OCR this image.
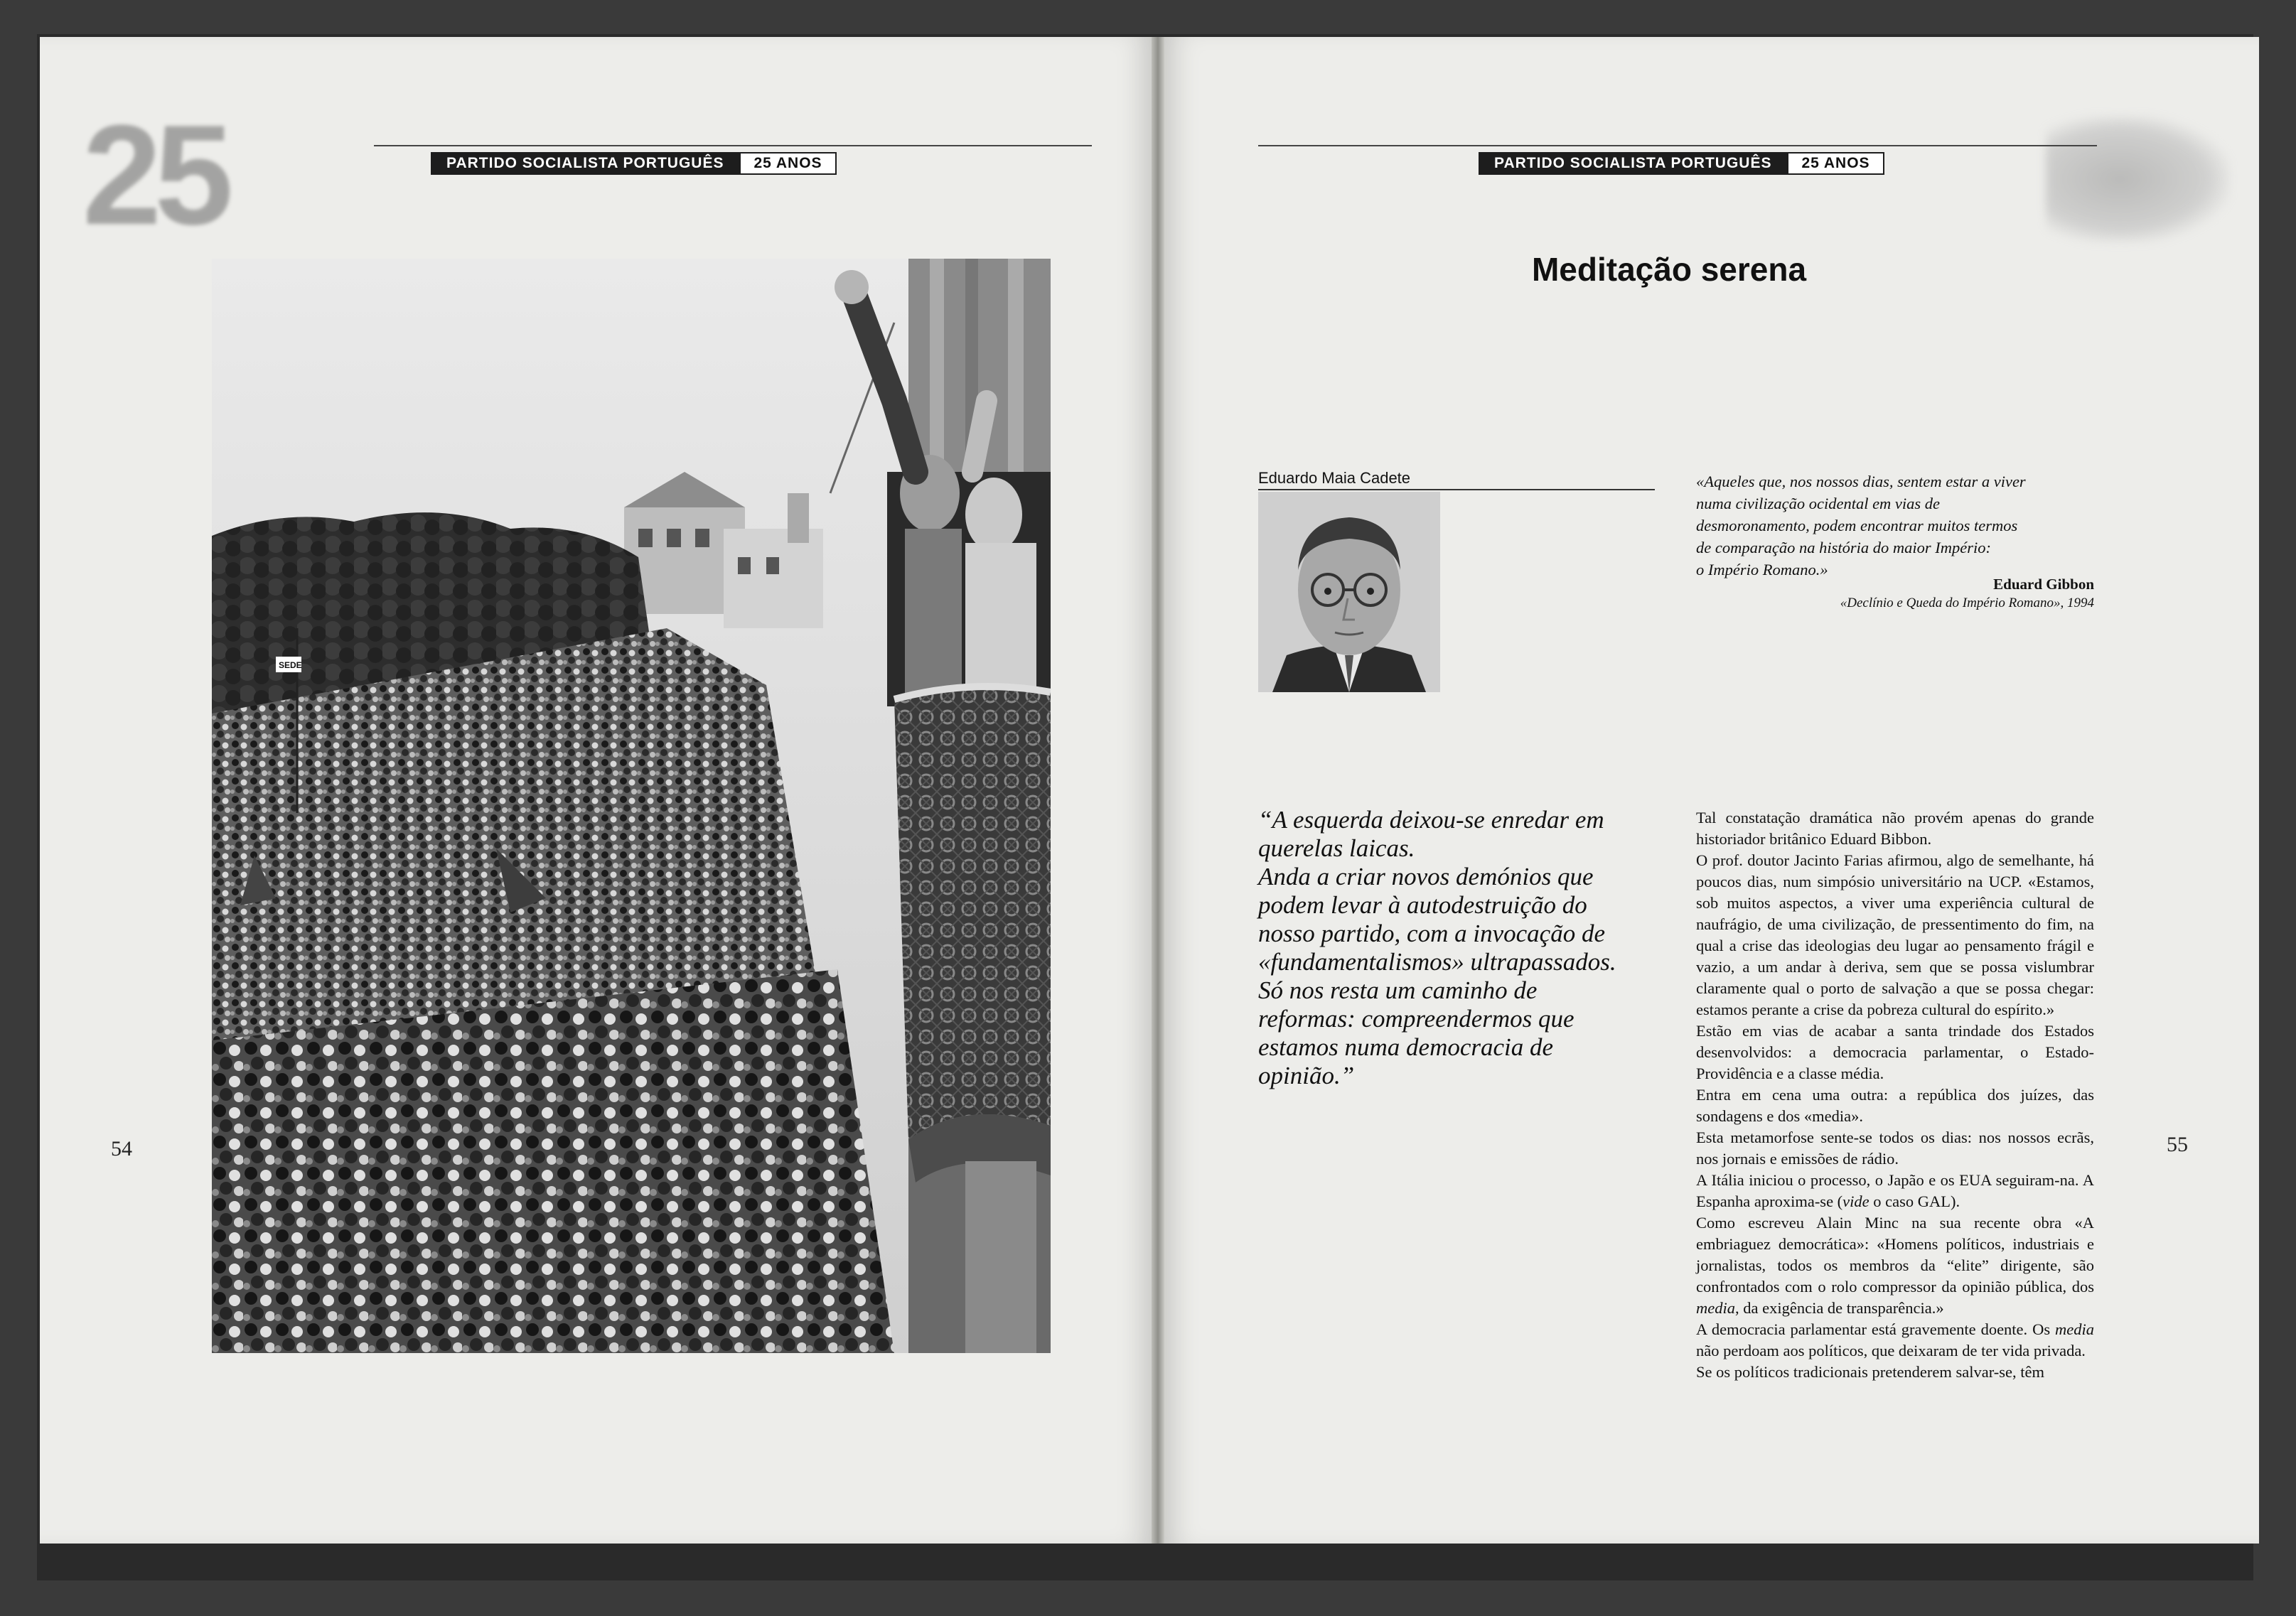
25	PARTIDO SOCIALISTA PORTUGUÊS	25 ANOS
SEDE
54
PARTIDO SOCIALISTA PORTUGUÊS	25 ANOS
Meditação serena
Eduardo Maia Cadete	«Aqueles que, nos nossos dias, sentem estar a viver
numa civilização ocidental em vias de
desmoronamento, podem encontrar muitos termos
de comparação na história do maior Império:
o Império Romano.»
Eduard Gibbon
«Declínio e Queda do Império Romano», 1994
“A esquerda deixou-se enredar em
querelas laicas.
Anda a criar novos demónios que
podem levar à autodestruição do
nosso partido, com a invocação de
«fundamentalismos» ultrapassados.
Só nos resta um caminho de
reformas: compreendermos que
estamos numa democracia de
opinião.”

Tal constatação dramática não provém apenas do grande historiador britânico Eduard Bibbon.

O prof. doutor Jacinto Farias afirmou, algo de semelhante, há poucos dias, num simpósio universitário na UCP. «Estamos, sob muitos aspectos, a viver uma experiência cultural de naufrágio, de uma civilização, de pressentimento do fim, na qual a crise das ideologias deu lugar ao pensamento frágil e vazio, a um andar à deriva, sem que se possa vislumbrar claramente qual o porto de salvação a que se possa chegar: estamos perante a crise da pobreza cultural do espírito.»

Estão em vias de acabar a santa trindade dos Estados desenvolvidos: a democracia parlamentar, o Estado-Providência e a classe média.

Entra em cena uma outra: a república dos juízes, das sondagens e dos «media».

Esta metamorfose sente-se todos os dias: nos nossos ecrãs, nos jornais e emissões de rádio.

A Itália iniciou o processo, o Japão e os EUA seguiram-na. A Espanha aproxima-se (vide o caso GAL).

Como escreveu Alain Minc na sua recente obra «A embriaguez democrática»: «Homens políticos, industriais e jornalistas, todos os membros da “elite” dirigente, são confrontados com o rolo compressor da opinião pública, dos media, da exigência de transparência.»

A democracia parlamentar está gravemente doente. Os media não perdoam aos políticos, que deixaram de ter vida privada.

Se os políticos tradicionais pretenderem salvar-se, têm

55
